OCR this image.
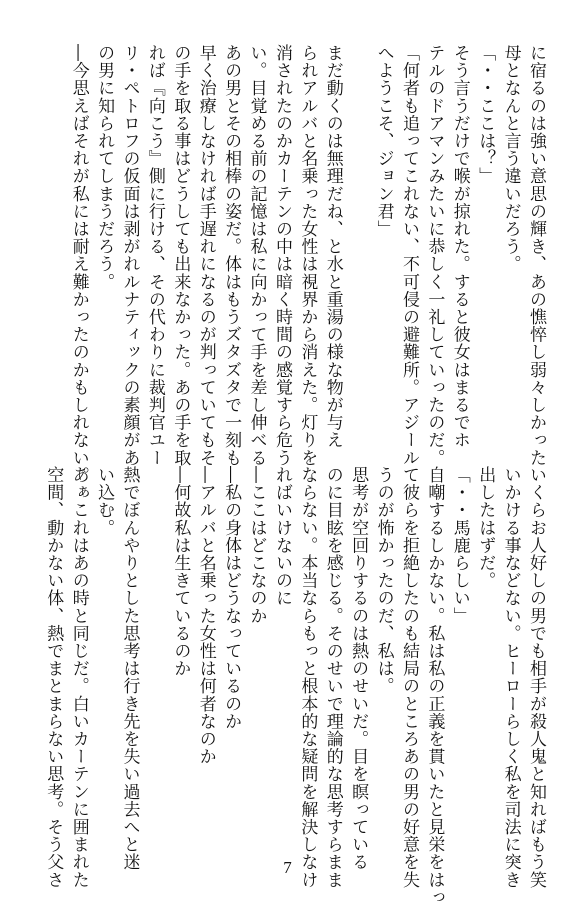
に宿るのは強い意思の輝き、あの憔悴し弱々しかった
母となんと言う違いだろう。
「・・ここは？」
そう言うだけで喉が掠れた。すると彼女はまるでホ
テルのドアマンみたいに恭しく一礼していったのだ。
「何者も追ってこれない、不可侵の避難所。アジール
へようこそ、ジョン君」

まだ動くのは無理だね、と水と重湯の様な物が与え
られアルバと名乗った女性は視界から消えた。灯りを
消されたのかカーテンの中は暗く時間の感覚すら危う
い。目覚める前の記憶は私に向かって手を差し伸べる
あの男とその相棒の姿だ。体はもうズタズタで一刻も
早く治療しなければ手遅れになるのが判っていてもそ
の手を取る事はどうしても出来なかった。あの手を取
れば『向こう』側に行ける、その代わりに裁判官ユー
リ・ペトロフの仮面は剥がれルナティックの素顔があ
の男に知られてしまうだろう。
―今思えばそれが私には耐え難かったのかもしれない。
いくらお人好しの男でも相手が殺人鬼と知ればもう笑
いかける事などない。ヒーローらしく私を司法に突き
出したはずだ。
「・・馬鹿らしい」
自嘲するしかない。私は私の正義を貫いたと見栄をはっ
て彼らを拒絶したのも結局のところあの男の好意を失
うのが怖かったのだ、私は。
思考が空回りするのは熱のせいだ。目を瞑っている
のに目眩を感じる。そのせいで理論的な思考すらまま
ならない。本当ならもっと根本的な疑問を解決しなけ
ればいけないのに
―ここはどこなのか
―私の身体はどうなっているのか
―アルバと名乗った女性は何者なのか
―何故私は生きているのか

熱でぼんやりとした思考は行き先を失い過去へと迷
い込む。
あぁこれはあの時と同じだ。白いカーテンに囲まれた
空間、動かない体、熱でまとまらない思考。そう父さ	7
